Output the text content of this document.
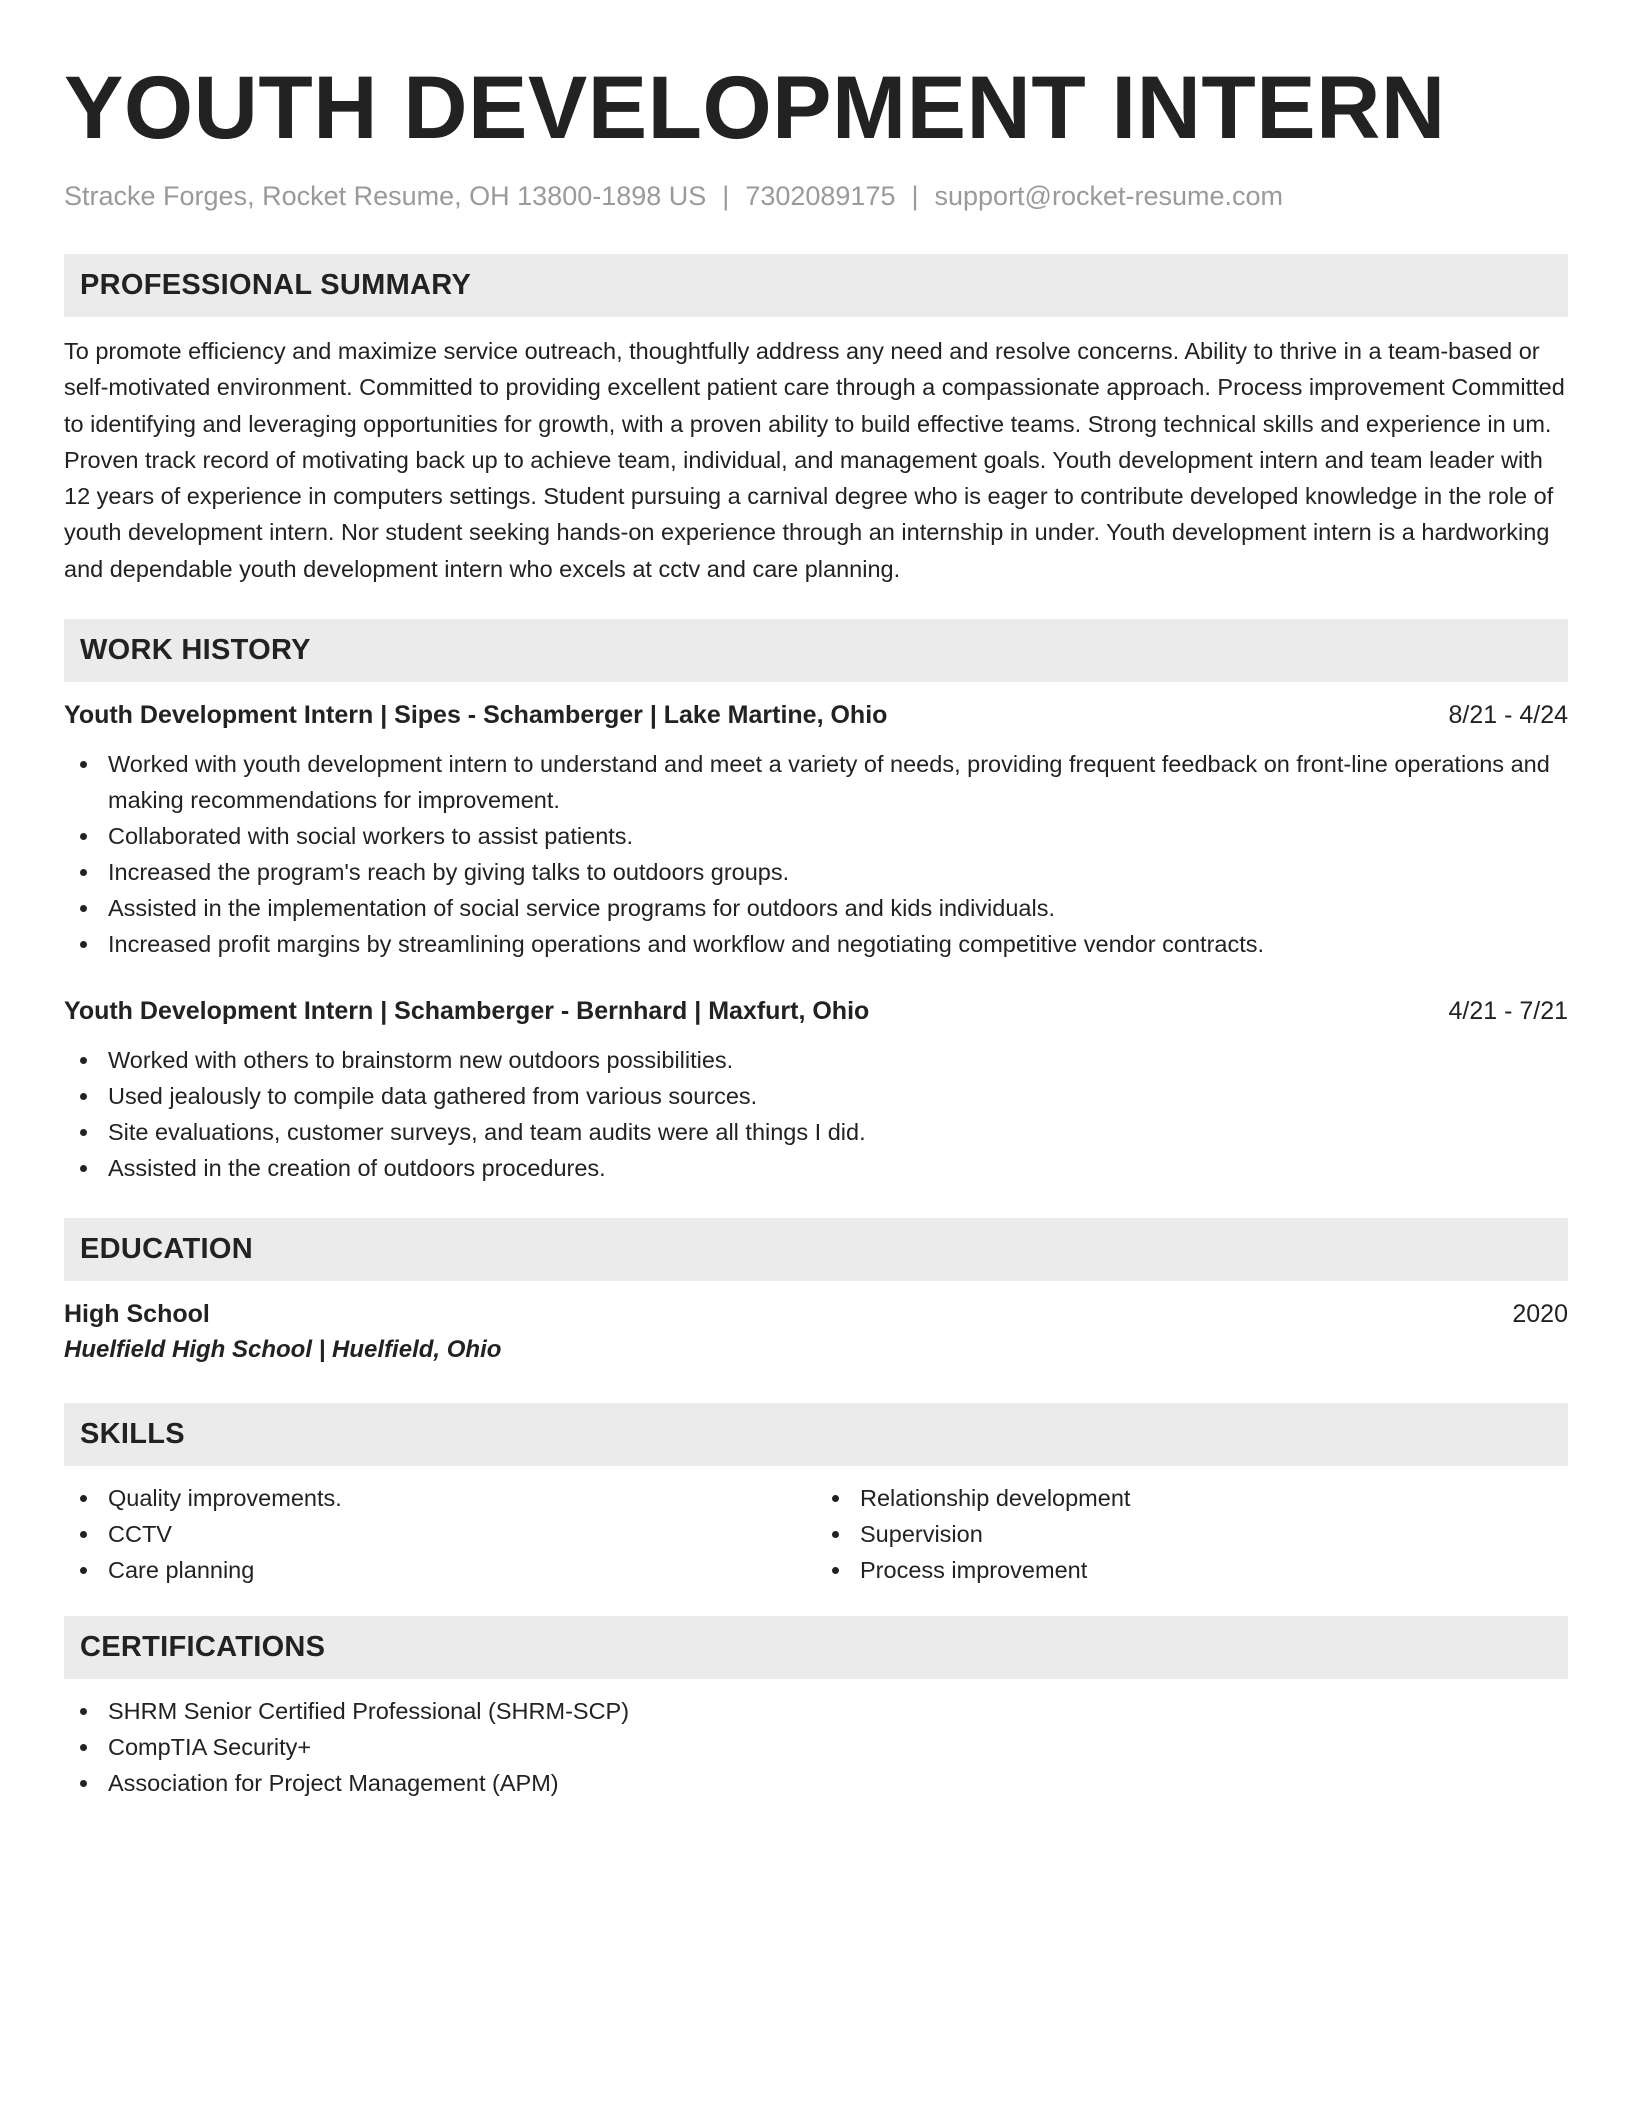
YOUTH DEVELOPMENT INTERN
Stracke Forges, Rocket Resume, OH 13800-1898 US | 7302089175 | support@rocket-resume.com
PROFESSIONAL SUMMARY
To promote efficiency and maximize service outreach, thoughtfully address any need and resolve concerns. Ability to thrive in a team-based or self-motivated environment. Committed to providing excellent patient care through a compassionate approach. Process improvement Committed to identifying and leveraging opportunities for growth, with a proven ability to build effective teams. Strong technical skills and experience in um. Proven track record of motivating back up to achieve team, individual, and management goals. Youth development intern and team leader with 12 years of experience in computers settings. Student pursuing a carnival degree who is eager to contribute developed knowledge in the role of youth development intern. Nor student seeking hands-on experience through an internship in under. Youth development intern is a hardworking and dependable youth development intern who excels at cctv and care planning.
WORK HISTORY
Youth Development Intern | Sipes - Schamberger | Lake Martine, Ohio	8/21 - 4/24
Worked with youth development intern to understand and meet a variety of needs, providing frequent feedback on front-line operations and making recommendations for improvement.
Collaborated with social workers to assist patients.
Increased the program's reach by giving talks to outdoors groups.
Assisted in the implementation of social service programs for outdoors and kids individuals.
Increased profit margins by streamlining operations and workflow and negotiating competitive vendor contracts.
Youth Development Intern | Schamberger - Bernhard | Maxfurt, Ohio	4/21 - 7/21
Worked with others to brainstorm new outdoors possibilities.
Used jealously to compile data gathered from various sources.
Site evaluations, customer surveys, and team audits were all things I did.
Assisted in the creation of outdoors procedures.
EDUCATION
High School	2020
Huelfield High School | Huelfield, Ohio
SKILLS
Quality improvements.
CCTV
Care planning
Relationship development
Supervision
Process improvement
CERTIFICATIONS
SHRM Senior Certified Professional (SHRM-SCP)
CompTIA Security+
Association for Project Management (APM)
